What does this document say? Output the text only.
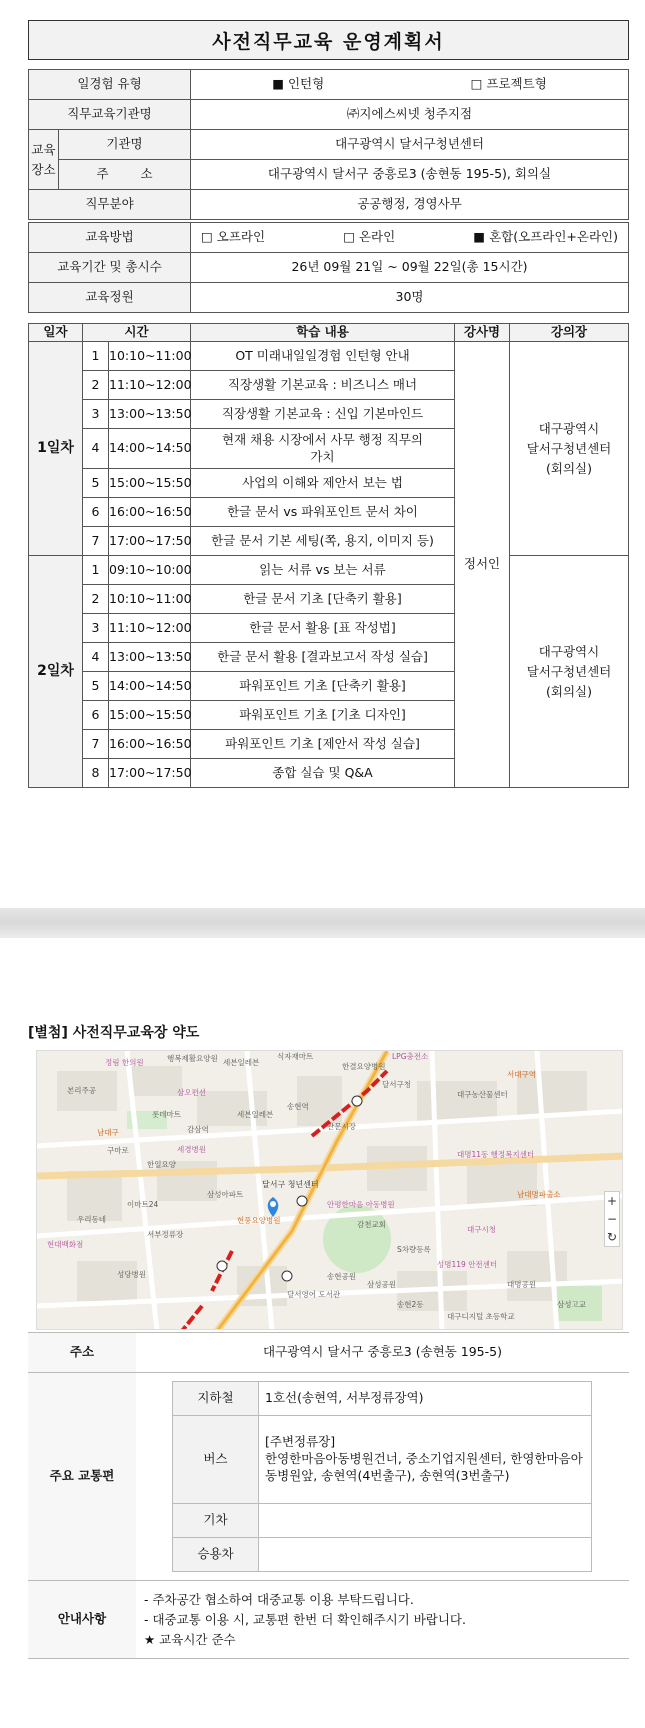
사전직무교육 운영계획서
일경험 유형		■ 인턴형 □ 프로젝트형

직무교육기관명		㈜지에스씨넷 청주지점
교육
장소	기관명	대구광역시 달서구청년센터
	주 소	대구광역시 달서구 중흥로3 (송현동 195-5), 회의실
직무분야		공공행정, 경영사무
교육방법	□ 오프라인 □ 온라인 ■ 혼합(오프라인+온라인)

교육기간 및 총시수	26년 09월 21일 ~ 09월 22일(총 15시간)
교육정원	30명
일자	시간		학습 내용	강사명	강의장
1일차	1	10:10~11:00	OT 미래내일일경험 인턴형 안내	정서인	대구광역시
달서구청년센터
(회의실)
	2	11:10~12:00	직장생활 기본교육 : 비즈니스 매너		
	3	13:00~13:50	직장생활 기본교육 : 신입 기본마인드		
	4	14:00~14:50	현재 채용 시장에서 사무 행정 직무의
가치		
	5	15:00~15:50	사업의 이해와 제안서 보는 법		
	6	16:00~16:50	한글 문서 vs 파워포인트 문서 차이		
	7	17:00~17:50	한글 문서 기본 세팅(쪽, 용지, 이미지 등)		
2일차	1	09:10~10:00	읽는 서류 vs 보는 서류		대구광역시
달서구청년센터
(회의실)
	2	10:10~11:00	한글 문서 기초 [단축키 활용]		
	3	11:10~12:00	한글 문서 활용 [표 작성법]		
	4	13:00~13:50	한글 문서 활용 [결과보고서 작성 실습]		
	5	14:00~14:50	파워포인트 기초 [단축키 활용]		
	6	15:00~15:50	파워포인트 기초 [기초 디자인]		
	7	16:00~16:50	파워포인트 기초 [제안서 작성 실습]		
	8	17:00~17:50	종합 실습 및 Q&A		
[별첨] 사전직무교육장 약도
정림 한의원	행복제활요양원 세븐일레븐
식자재마트
한결요양병원
LPG충전소
달서구청
서대구역
대구농산물센터
본리주공	삼오편션
롯데마트	세븐일레븐
감삼역
남대구
세경병원
구마로
한일요양
송현역
관문시장
대명11동 행정복지센터
남대명파출소
삼성아파트
이마트24
우리동네
현대백화점
서부정류장
송현공원
현풍요양병원
달서영어 도서관
대구시청
성당병원
삼성공원
S차량등록
대구디지털 초등학교
안평한마음 아동병원
감천교회
송현2동
대명공원
삼성고교
성명119 안전센터
달서구 청년센터
+
−
↻
주소	대구광역시 달서구 중흥로3 (송현동 195-5)
주요 교통편	
지하철	1호선(송현역, 서부정류장역)
버스	[주변정류장]
한영한마음아동병원건너, 중소기업지원센터, 한영한마음아동병원앞, 송현역(4번출구), 송현역(3번출구)
기차	
승용차	

안내사항	
- 주차공간 협소하여 대중교통 이용 부탁드립니다.
- 대중교통 이용 시, 교통편 한번 더 확인해주시기 바랍니다.
★ 교육시간 준수
